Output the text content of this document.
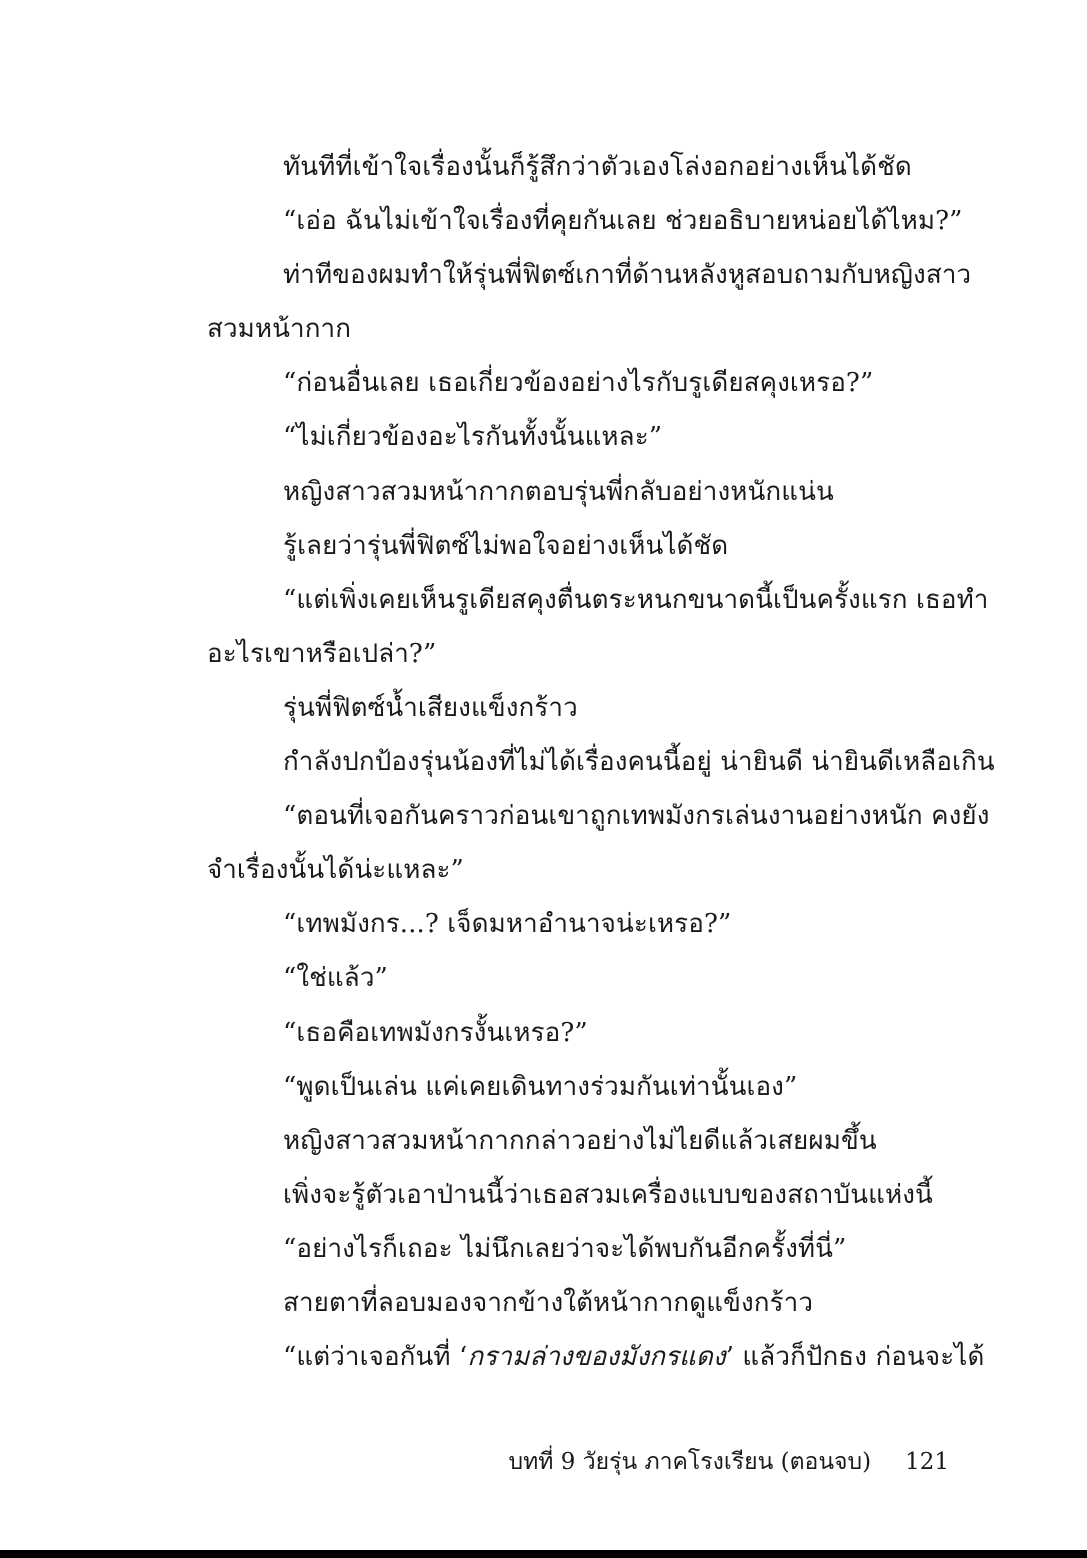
ทันทีที่เข้าใจเรื่องนั้นก็รู้สึกว่าตัวเองโล่งอกอย่างเห็นได้ชัด
“เอ่อ ฉันไม่เข้าใจเรื่องที่คุยกันเลย ช่วยอธิบายหน่อยได้ไหม?”
ท่าทีของผมทำให้รุ่นพี่ฟิตซ์เกาที่ด้านหลังหูสอบถามกับหญิงสาว
สวมหน้ากาก
“ก่อนอื่นเลย เธอเกี่ยวข้องอย่างไรกับรูเดียสคุงเหรอ?”
“ไม่เกี่ยวข้องอะไรกันทั้งนั้นแหละ”
หญิงสาวสวมหน้ากากตอบรุ่นพี่กลับอย่างหนักแน่น
รู้เลยว่ารุ่นพี่ฟิตซ์ไม่พอใจอย่างเห็นได้ชัด
“แต่เพิ่งเคยเห็นรูเดียสคุงตื่นตระหนกขนาดนี้เป็นครั้งแรก เธอทำ
อะไรเขาหรือเปล่า?”
รุ่นพี่ฟิตซ์น้ำเสียงแข็งกร้าว
กำลังปกป้องรุ่นน้องที่ไม่ได้เรื่องคนนี้อยู่ น่ายินดี น่ายินดีเหลือเกิน
“ตอนที่เจอกันคราวก่อนเขาถูกเทพมังกรเล่นงานอย่างหนัก คงยัง
จำเรื่องนั้นได้น่ะแหละ”
“เทพมังกร...? เจ็ดมหาอำนาจน่ะเหรอ?”
“ใช่แล้ว”
“เธอคือเทพมังกรงั้นเหรอ?”
“พูดเป็นเล่น แค่เคยเดินทางร่วมกันเท่านั้นเอง”
หญิงสาวสวมหน้ากากกล่าวอย่างไม่ไยดีแล้วเสยผมขึ้น
เพิ่งจะรู้ตัวเอาป่านนี้ว่าเธอสวมเครื่องแบบของสถาบันแห่งนี้
“อย่างไรก็เถอะ ไม่นึกเลยว่าจะได้พบกันอีกครั้งที่นี่”
สายตาที่ลอบมองจากข้างใต้หน้ากากดูแข็งกร้าว
“แต่ว่าเจอกันที่ ‘กรามล่างของมังกรแดง’ แล้วก็ปักธง ก่อนจะได้
บทที่ 9 วัยรุ่น ภาคโรงเรียน (ตอนจบ) 121
